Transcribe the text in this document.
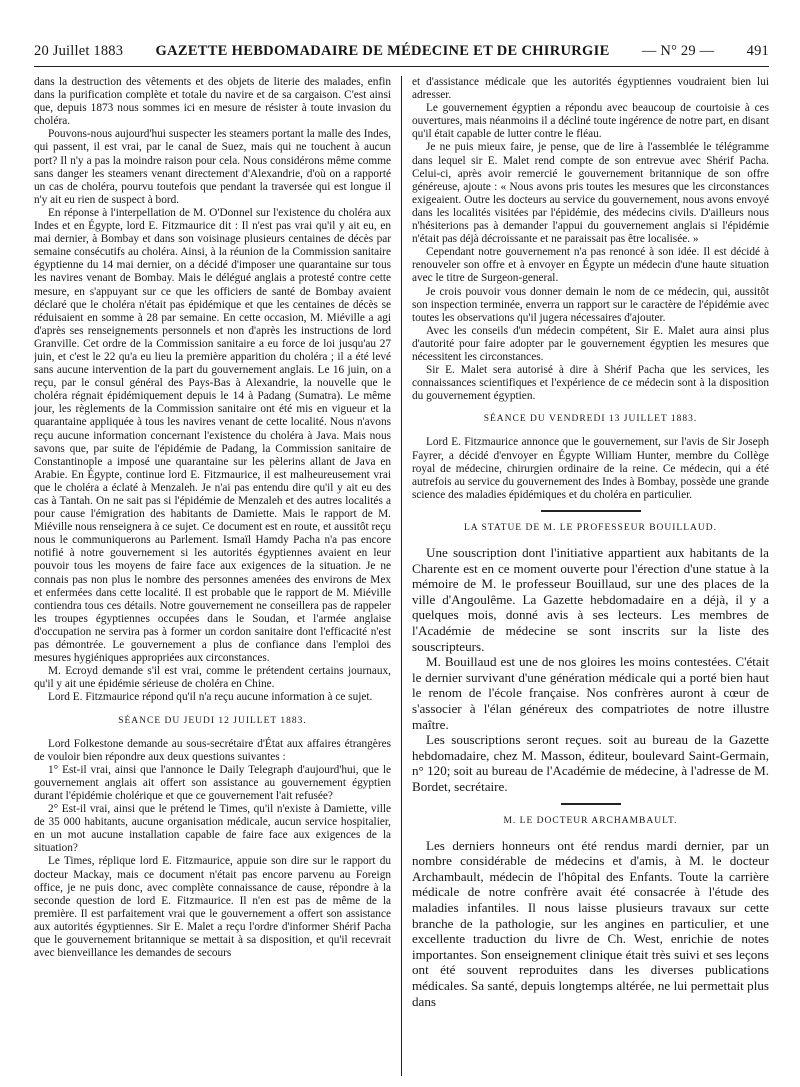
20 Juillet 1883 GAZETTE HEBDOMADAIRE DE MÉDECINE ET DE CHIRURGIE — N° 29 — 491

dans la destruction des vêtements et des objets de literie des malades, enfin dans la purification complète et totale du navire et de sa cargaison. C'est ainsi que, depuis 1873 nous sommes ici en mesure de résister à toute invasion du choléra.

Pouvons-nous aujourd'hui suspecter les steamers portant la malle des Indes, qui passent, il est vrai, par le canal de Suez, mais qui ne touchent à aucun port? Il n'y a pas la moindre raison pour cela. Nous considérons même comme sans danger les steamers venant directement d'Alexandrie, d'où on a rapporté un cas de choléra, pourvu toutefois que pendant la traversée qui est longue il n'y ait eu rien de suspect à bord.

En réponse à l'interpellation de M. O'Donnel sur l'existence du choléra aux Indes et en Égypte, lord E. Fitzmaurice dit : Il n'est pas vrai qu'il y ait eu, en mai dernier, à Bombay et dans son voisinage plusieurs centaines de décès par semaine consécutifs au choléra. Ainsi, à la réunion de la Commission sanitaire égyptienne du 14 mai dernier, on a décidé d'imposer une quarantaine sur tous les navires venant de Bombay. Mais le délégué anglais a protesté contre cette mesure, en s'appuyant sur ce que les officiers de santé de Bombay avaient déclaré que le choléra n'était pas épidémique et que les centaines de décès se réduisaient en somme à 28 par semaine. En cette occasion, M. Miéville a agi d'après ses renseignements personnels et non d'après les instructions de lord Granville. Cet ordre de la Commission sanitaire a eu force de loi jusqu'au 27 juin, et c'est le 22 qu'a eu lieu la première apparition du choléra ; il a été levé sans aucune intervention de la part du gouvernement anglais. Le 16 juin, on a reçu, par le consul général des Pays-Bas à Alexandrie, la nouvelle que le choléra régnait épidémiquement depuis le 14 à Padang (Sumatra). Le même jour, les règlements de la Commission sanitaire ont été mis en vigueur et la quarantaine appliquée à tous les navires venant de cette localité. Nous n'avons reçu aucune information concernant l'existence du choléra à Java. Mais nous savons que, par suite de l'épidémie de Padang, la Commission sanitaire de Constantinople a imposé une quarantaine sur les pèlerins allant de Java en Arabie. En Égypte, continue lord E. Fitzmaurice, il est malheureusement vrai que le choléra a éclaté à Menzaleh. Je n'ai pas entendu dire qu'il y ait eu des cas à Tantah. On ne sait pas si l'épidémie de Menzaleh et des autres localités a pour cause l'émigration des habitants de Damiette. Mais le rapport de M. Miéville nous renseignera à ce sujet. Ce document est en route, et aussitôt reçu nous le communiquerons au Parlement. Ismaïl Hamdy Pacha n'a pas encore notifié à notre gouvernement si les autorités égyptiennes avaient en leur pouvoir tous les moyens de faire face aux exigences de la situation. Je ne connais pas non plus le nombre des personnes amenées des environs de Mex et enfermées dans cette localité. Il est probable que le rapport de M. Miéville contiendra tous ces détails. Notre gouvernement ne conseillera pas de rappeler les troupes égyptiennes occupées dans le Soudan, et l'armée anglaise d'occupation ne servira pas à former un cordon sanitaire dont l'efficacité n'est pas démontrée. Le gouvernement a plus de confiance dans l'emploi des mesures hygiéniques appropriées aux circonstances.

M. Ecroyd demande s'il est vrai, comme le prétendent certains journaux, qu'il y ait une épidémie sérieuse de choléra en Chine.

Lord E. Fitzmaurice répond qu'il n'a reçu aucune information à ce sujet.

SÉANCE DU JEUDI 12 JUILLET 1883.

Lord Folkestone demande au sous-secrétaire d'État aux affaires étrangères de vouloir bien répondre aux deux questions suivantes :

1° Est-il vrai, ainsi que l'annonce le Daily Telegraph d'aujourd'hui, que le gouvernement anglais ait offert son assistance au gouvernement égyptien durant l'épidémie cholérique et que ce gouvernement l'ait refusée?

2° Est-il vrai, ainsi que le prétend le Times, qu'il n'existe à Damiette, ville de 35 000 habitants, aucune organisation médicale, aucun service hospitalier, en un mot aucune installation capable de faire face aux exigences de la situation?

Le Times, réplique lord E. Fitzmaurice, appuie son dire sur le rapport du docteur Mackay, mais ce document n'était pas encore parvenu au Foreign office, je ne puis donc, avec complète connaissance de cause, répondre à la seconde question de lord E. Fitzmaurice. Il n'en est pas de même de la première. Il est parfaitement vrai que le gouvernement a offert son assistance aux autorités égyptiennes. Sir E. Malet a reçu l'ordre d'informer Shérif Pacha que le gouvernement britannique se mettait à sa disposition, et qu'il recevrait avec bienveillance les demandes de secours

et d'assistance médicale que les autorités égyptiennes voudraient bien lui adresser.

Le gouvernement égyptien a répondu avec beaucoup de courtoisie à ces ouvertures, mais néanmoins il a décliné toute ingérence de notre part, en disant qu'il était capable de lutter contre le fléau.

Je ne puis mieux faire, je pense, que de lire à l'assemblée le télégramme dans lequel sir E. Malet rend compte de son entrevue avec Shérif Pacha. Celui-ci, après avoir remercié le gouvernement britannique de son offre généreuse, ajoute : « Nous avons pris toutes les mesures que les circonstances exigeaient. Outre les docteurs au service du gouvernement, nous avons envoyé dans les localités visitées par l'épidémie, des médecins civils. D'ailleurs nous n'hésiterions pas à demander l'appui du gouvernement anglais si l'épidémie n'était pas déjà décroissante et ne paraissait pas être localisée. »

Cependant notre gouvernement n'a pas renoncé à son idée. Il est décidé à renouveler son offre et à envoyer en Égypte un médecin d'une haute situation avec le titre de Surgeon-general.

Je crois pouvoir vous donner demain le nom de ce médecin, qui, aussitôt son inspection terminée, enverra un rapport sur le caractère de l'épidémie avec toutes les observations qu'il jugera nécessaires d'ajouter.

Avec les conseils d'un médecin compétent, Sir E. Malet aura ainsi plus d'autorité pour faire adopter par le gouvernement égyptien les mesures que nécessitent les circonstances.

Sir E. Malet sera autorisé à dire à Shérif Pacha que les services, les connaissances scientifiques et l'expérience de ce médecin sont à la disposition du gouvernement égyptien.

SÉANCE DU VENDREDI 13 JUILLET 1883.

Lord E. Fitzmaurice annonce que le gouvernement, sur l'avis de Sir Joseph Fayrer, a décidé d'envoyer en Égypte William Hunter, membre du Collège royal de médecine, chirurgien ordinaire de la reine. Ce médecin, qui a été autrefois au service du gouvernement des Indes à Bombay, possède une grande science des maladies épidémiques et du choléra en particulier.

LA STATUE DE M. LE PROFESSEUR BOUILLAUD.

Une souscription dont l'initiative appartient aux habitants de la Charente est en ce moment ouverte pour l'érection d'une statue à la mémoire de M. le professeur Bouillaud, sur une des places de la ville d'Angoulême. La Gazette hebdomadaire en a déjà, il y a quelques mois, donné avis à ses lecteurs. Les membres de l'Académie de médecine se sont inscrits sur la liste des souscripteurs.

M. Bouillaud est une de nos gloires les moins contestées. C'était le dernier survivant d'une génération médicale qui a porté bien haut le renom de l'école française. Nos confrères auront à cœur de s'associer à l'élan généreux des compatriotes de notre illustre maître.

Les souscriptions seront reçues. soit au bureau de la Gazette hebdomadaire, chez M. Masson, éditeur, boulevard Saint-Germain, n° 120; soit au bureau de l'Académie de médecine, à l'adresse de M. Bordet, secrétaire.

M. LE DOCTEUR ARCHAMBAULT.

Les derniers honneurs ont été rendus mardi dernier, par un nombre considérable de médecins et d'amis, à M. le docteur Archambault, médecin de l'hôpital des Enfants. Toute la carrière médicale de notre confrère avait été consacrée à l'étude des maladies infantiles. Il nous laisse plusieurs travaux sur cette branche de la pathologie, sur les angines en particulier, et une excellente traduction du livre de Ch. West, enrichie de notes importantes. Son enseignement clinique était très suivi et ses leçons ont été souvent reproduites dans les diverses publications médicales. Sa santé, depuis longtemps altérée, ne lui permettait plus dans
